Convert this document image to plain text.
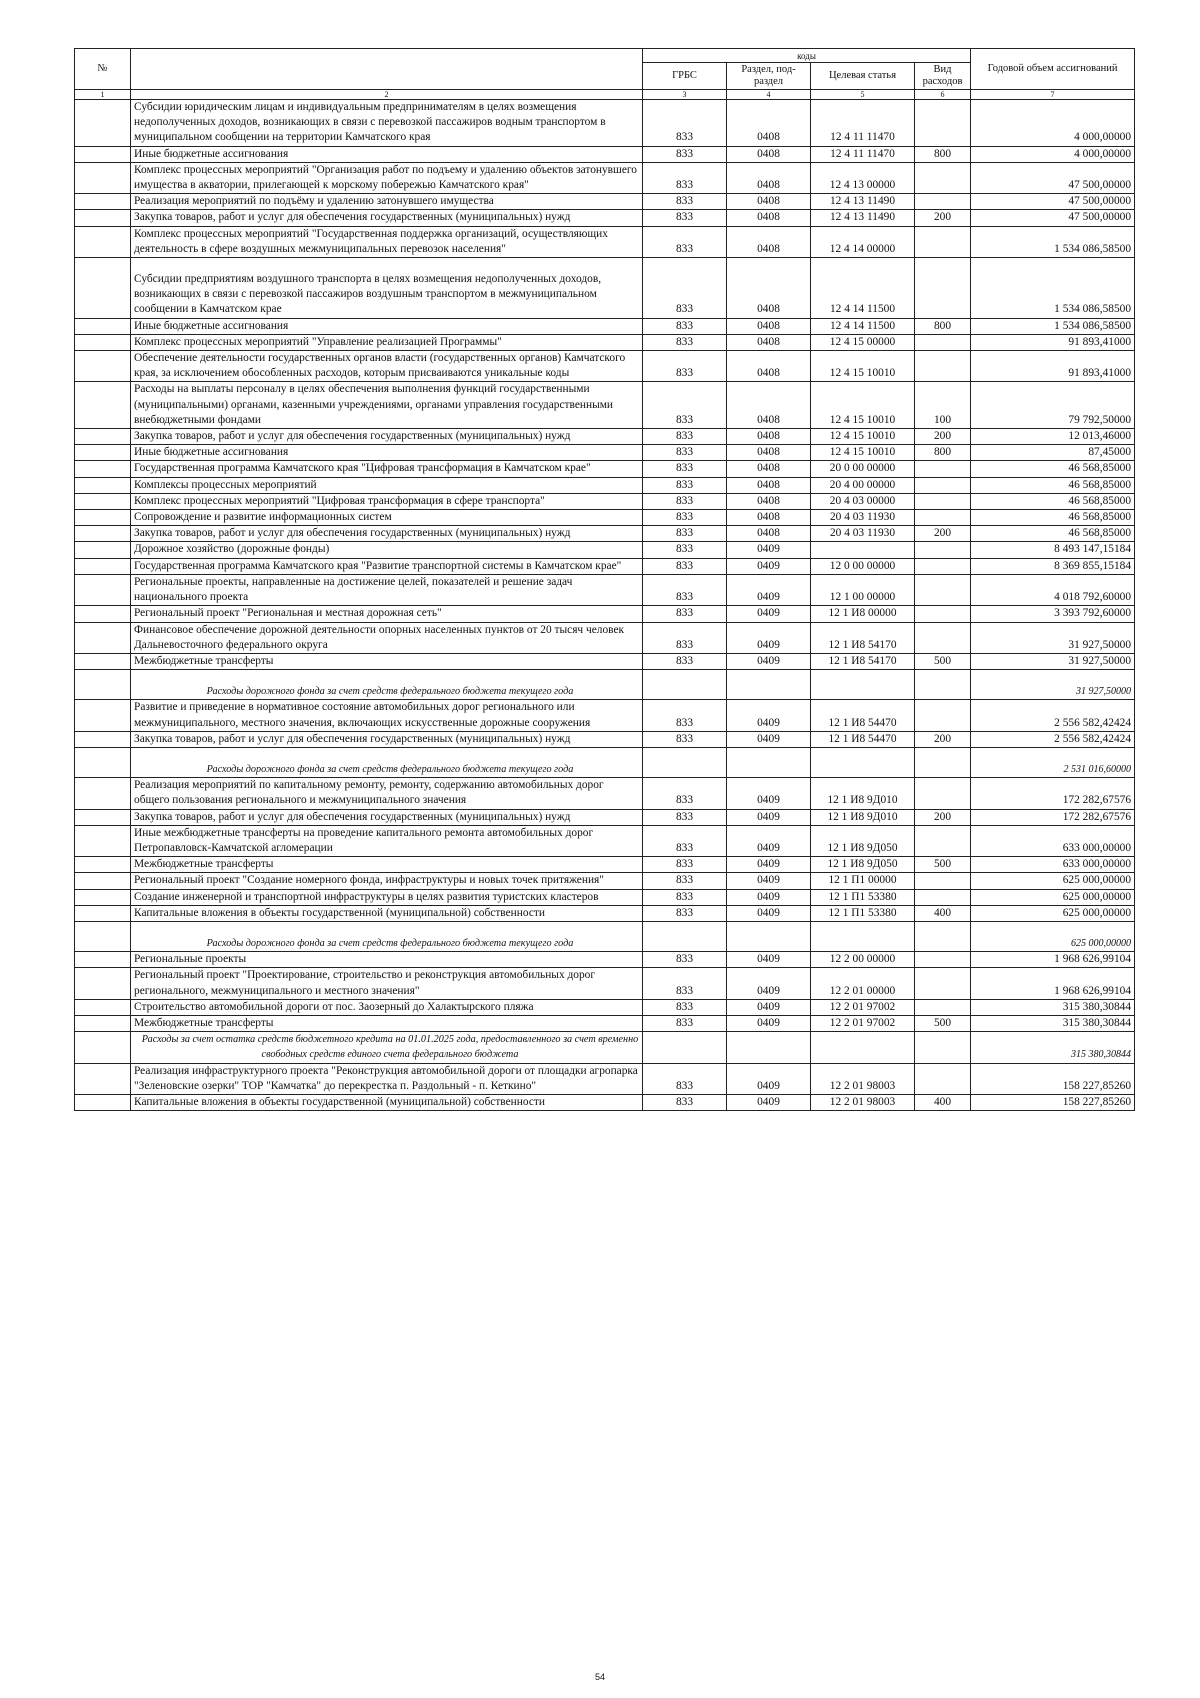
№		коды				Годовой объем ассигнований
		ГРБС	Раздел, под-раздел	Целевая статья	Вид расходов	
1	2	3	4	5	6	7
	Субсидии юридическим лицам и индивидуальным предпринимателям в целях возмещения недополученных доходов, возникающих в связи с перевозкой пассажиров водным транспортом в муниципальном сообщении на территории Камчатского края	833	0408	12 4 11 11470		4 000,00000
	Иные бюджетные ассигнования	833	0408	12 4 11 11470	800	4 000,00000
	Комплекс процессных мероприятий "Организация работ по подъему и удалению объектов затонувшего имущества в акватории, прилегающей к морскому побережью Камчатского края"	833	0408	12 4 13 00000		47 500,00000
	Реализация мероприятий по подъёму и удалению затонувшего имущества	833	0408	12 4 13 11490		47 500,00000
	Закупка товаров, работ и услуг для обеспечения государственных (муниципальных) нужд	833	0408	12 4 13 11490	200	47 500,00000
	Комплекс процессных мероприятий "Государственная поддержка организаций, осуществляющих деятельность в сфере воздушных межмуниципальных перевозок населения"	833	0408	12 4 14 00000		1 534 086,58500
	Субсидии предприятиям воздушного транспорта в целях возмещения недополученных доходов, возникающих в связи с перевозкой пассажиров воздушным транспортом в межмуниципальном сообщении в Камчатском крае	833	0408	12 4 14 11500		1 534 086,58500
	Иные бюджетные ассигнования	833	0408	12 4 14 11500	800	1 534 086,58500
	Комплекс процессных мероприятий "Управление реализацией Программы"	833	0408	12 4 15 00000		91 893,41000
	Обеспечение деятельности государственных органов власти (государственных органов) Камчатского края, за исключением обособленных расходов, которым присваиваются уникальные коды	833	0408	12 4 15 10010		91 893,41000
	Расходы на выплаты персоналу в целях обеспечения выполнения функций государственными (муниципальными) органами, казенными учреждениями, органами управления государственными внебюджетными фондами	833	0408	12 4 15 10010	100	79 792,50000
	Закупка товаров, работ и услуг для обеспечения государственных (муниципальных) нужд	833	0408	12 4 15 10010	200	12 013,46000
	Иные бюджетные ассигнования	833	0408	12 4 15 10010	800	87,45000
	Государственная программа Камчатского края "Цифровая трансформация в Камчатском крае"	833	0408	20 0 00 00000		46 568,85000
	Комплексы процессных мероприятий	833	0408	20 4 00 00000		46 568,85000
	Комплекс процессных мероприятий "Цифровая трансформация в сфере транспорта"	833	0408	20 4 03 00000		46 568,85000
	Сопровождение и развитие информационных систем	833	0408	20 4 03 11930		46 568,85000
	Закупка товаров, работ и услуг для обеспечения государственных (муниципальных) нужд	833	0408	20 4 03 11930	200	46 568,85000
	Дорожное хозяйство (дорожные фонды)	833	0409			8 493 147,15184
	Государственная программа Камчатского края "Развитие транспортной системы в Камчатском крае"	833	0409	12 0 00 00000		8 369 855,15184
	Региональные проекты, направленные на достижение целей, показателей и решение задач национального проекта	833	0409	12 1 00 00000		4 018 792,60000
	Региональный проект "Региональная и местная дорожная сеть"	833	0409	12 1 И8 00000		3 393 792,60000
	Финансовое обеспечение дорожной деятельности опорных населенных пунктов от 20 тысяч человек Дальневосточного федерального округа	833	0409	12 1 И8 54170		31 927,50000
	Межбюджетные трансферты	833	0409	12 1 И8 54170	500	31 927,50000
	Расходы дорожного фонда за счет средств федерального бюджета текущего года					31 927,50000
	Развитие и приведение в нормативное состояние автомобильных дорог регионального или межмуниципального, местного значения, включающих искусственные дорожные сооружения	833	0409	12 1 И8 54470		2 556 582,42424
	Закупка товаров, работ и услуг для обеспечения государственных (муниципальных) нужд	833	0409	12 1 И8 54470	200	2 556 582,42424
	Расходы дорожного фонда за счет средств федерального бюджета текущего года					2 531 016,60000
	Реализация мероприятий по капитальному ремонту, ремонту, содержанию автомобильных дорог общего пользования регионального и межмуниципального значения	833	0409	12 1 И8 9Д010		172 282,67576
	Закупка товаров, работ и услуг для обеспечения государственных (муниципальных) нужд	833	0409	12 1 И8 9Д010	200	172 282,67576
	Иные межбюджетные трансферты на проведение капитального ремонта автомобильных дорог Петропавловск-Камчатской агломерации	833	0409	12 1 И8 9Д050		633 000,00000
	Межбюджетные трансферты	833	0409	12 1 И8 9Д050	500	633 000,00000
	Региональный проект "Создание номерного фонда, инфраструктуры и новых точек притяжения"	833	0409	12 1 П1 00000		625 000,00000
	Создание инженерной и транспортной инфраструктуры в целях развития туристских кластеров	833	0409	12 1 П1 53380		625 000,00000
	Капитальные вложения в объекты государственной (муниципальной) собственности	833	0409	12 1 П1 53380	400	625 000,00000
	Расходы дорожного фонда за счет средств федерального бюджета текущего года					625 000,00000
	Региональные проекты	833	0409	12 2 00 00000		1 968 626,99104
	Региональный проект "Проектирование, строительство и реконструкция автомобильных дорог регионального, межмуниципального и местного значения"	833	0409	12 2 01 00000		1 968 626,99104
	Строительство автомобильной дороги от пос. Заозерный до Халактырского пляжа	833	0409	12 2 01 97002		315 380,30844
	Межбюджетные трансферты	833	0409	12 2 01 97002	500	315 380,30844
	Расходы за счет остатка средств бюджетного кредита на 01.01.2025 года, предоставленного за счет временно свободных средств единого счета федерального бюджета					315 380,30844
	Реализация инфраструктурного проекта "Реконструкция автомобильной дороги от площадки агропарка "Зеленовские озерки" ТОР "Камчатка" до перекрестка п. Раздольный - п. Кеткино"	833	0409	12 2 01 98003		158 227,85260
	Капитальные вложения в объекты государственной (муниципальной) собственности	833	0409	12 2 01 98003	400	158 227,85260
54
